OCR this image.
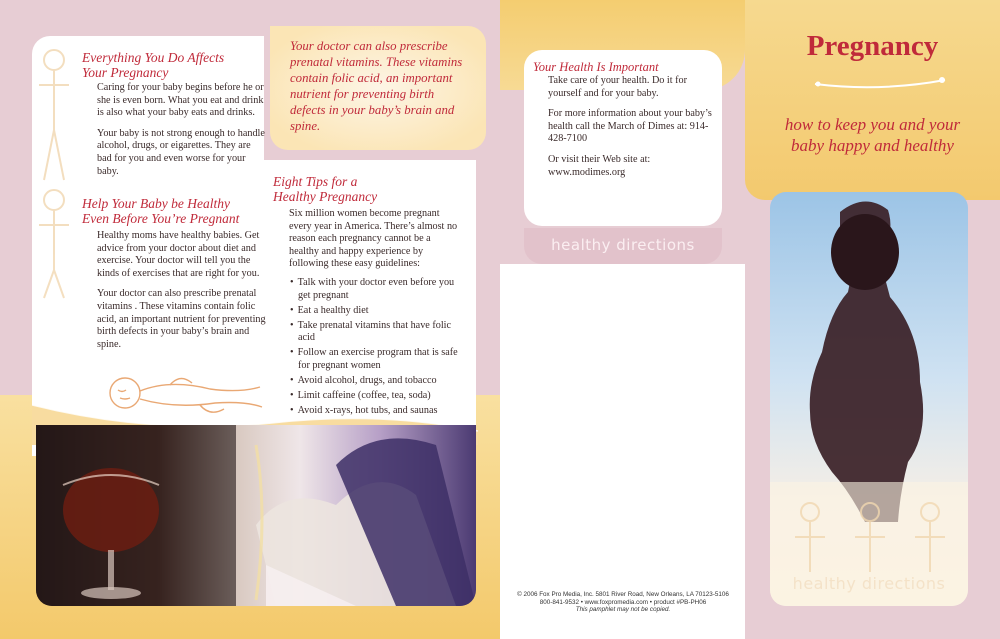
Everything You Do Affects
Your Pregnancy

Caring for your baby begins before he or she is even born. What you eat and drink is also what your baby eats and drinks.

Your baby is not strong enough to handle alcohol, drugs, or eigarettes. They are bad for you and even worse for your baby.

Help Your Baby be Healthy
Even Before You’re Pregnant

Healthy moms have healthy babies. Get advice from your doctor about diet and exercise. Your doctor will tell you the kinds of exercises that are right for you.

Your doctor can also prescribe prenatal vitamins . These vitamins contain folic acid, an important nutrient for preventing birth defects in your baby’s brain and spine.

Your doctor can also prescribe prenatal vitamins. These vitamins contain folic acid, an important nutrient for preventing birth defects in your baby’s brain and spine.
Eight Tips for a
Healthy Pregnancy

Six million women become pregnant every year in America. There’s almost no reason each pregnancy cannot be a healthy and happy experience by following these easy guidelines:

• Talk with your doctor even before you get pregnant
• Eat a healthy diet
• Take prenatal vitamins that have folic acid
• Follow an exercise program that is safe for pregnant women
• Avoid alcohol, drugs, and tobacco
• Limit caffeine (coffee, tea, soda)
• Avoid x-rays, hot tubs, and saunas
•
Your Health Is Important

Take care of your health. Do it for yourself and for your baby.

For more information about your baby’s health call the March of Dimes at: 914-428-7100

Or visit their Web site at: www.modimes.org

healthy directions
© 2006 Fox Pro Media, Inc. 5801 River Road, New Orleans, LA 70123-5106
800-841-9532 • www.foxpromedia.com • product #PB-PH06
This pamphlet may not be copied.
Pregnancy
how to keep you and your
baby happy and healthy
healthy directions
